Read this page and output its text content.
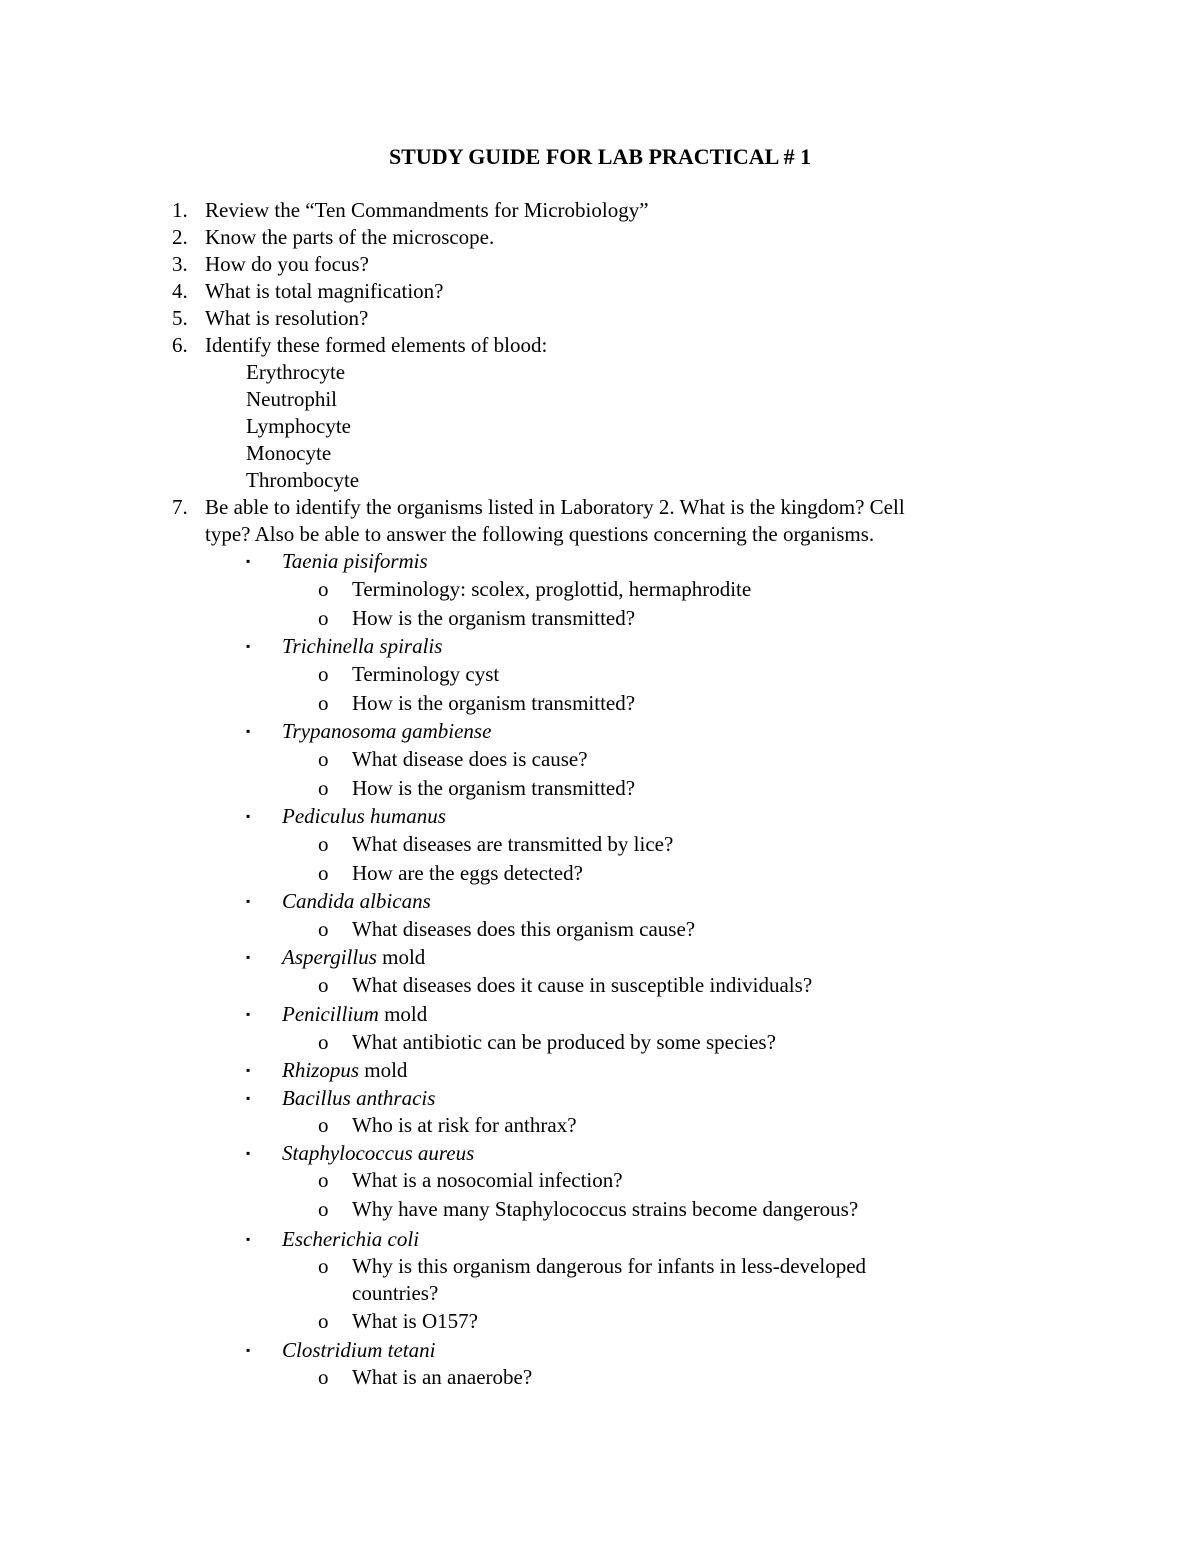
STUDY GUIDE FOR LAB PRACTICAL # 1
1. Review the “Ten Commandments for Microbiology”
2. Know the parts of the microscope.
3. How do you focus?
4. What is total magnification?
5. What is resolution?
6. Identify these formed elements of blood:
Erythrocyte
Neutrophil
Lymphocyte
Monocyte
Thrombocyte
7. Be able to identify the organisms listed in Laboratory 2. What is the kingdom? Cell
type? Also be able to answer the following questions concerning the organisms.
▪ Taenia pisiformis
o Terminology: scolex, proglottid, hermaphrodite
o How is the organism transmitted?
▪ Trichinella spiralis
o Terminology cyst
o How is the organism transmitted?
▪ Trypanosoma gambiense
o What disease does is cause?
o How is the organism transmitted?
▪ Pediculus humanus
o What diseases are transmitted by lice?
o How are the eggs detected?
▪ Candida albicans
o What diseases does this organism cause?
▪ Aspergillus mold
o What diseases does it cause in susceptible individuals?
▪ Penicillium mold
o What antibiotic can be produced by some species?
▪ Rhizopus mold
▪ Bacillus anthracis
o Who is at risk for anthrax?
▪ Staphylococcus aureus
o What is a nosocomial infection?
o Why have many Staphylococcus strains become dangerous?
▪ Escherichia coli
o Why is this organism dangerous for infants in less-developed
countries?
o What is O157?
▪ Clostridium tetani
o What is an anaerobe?
